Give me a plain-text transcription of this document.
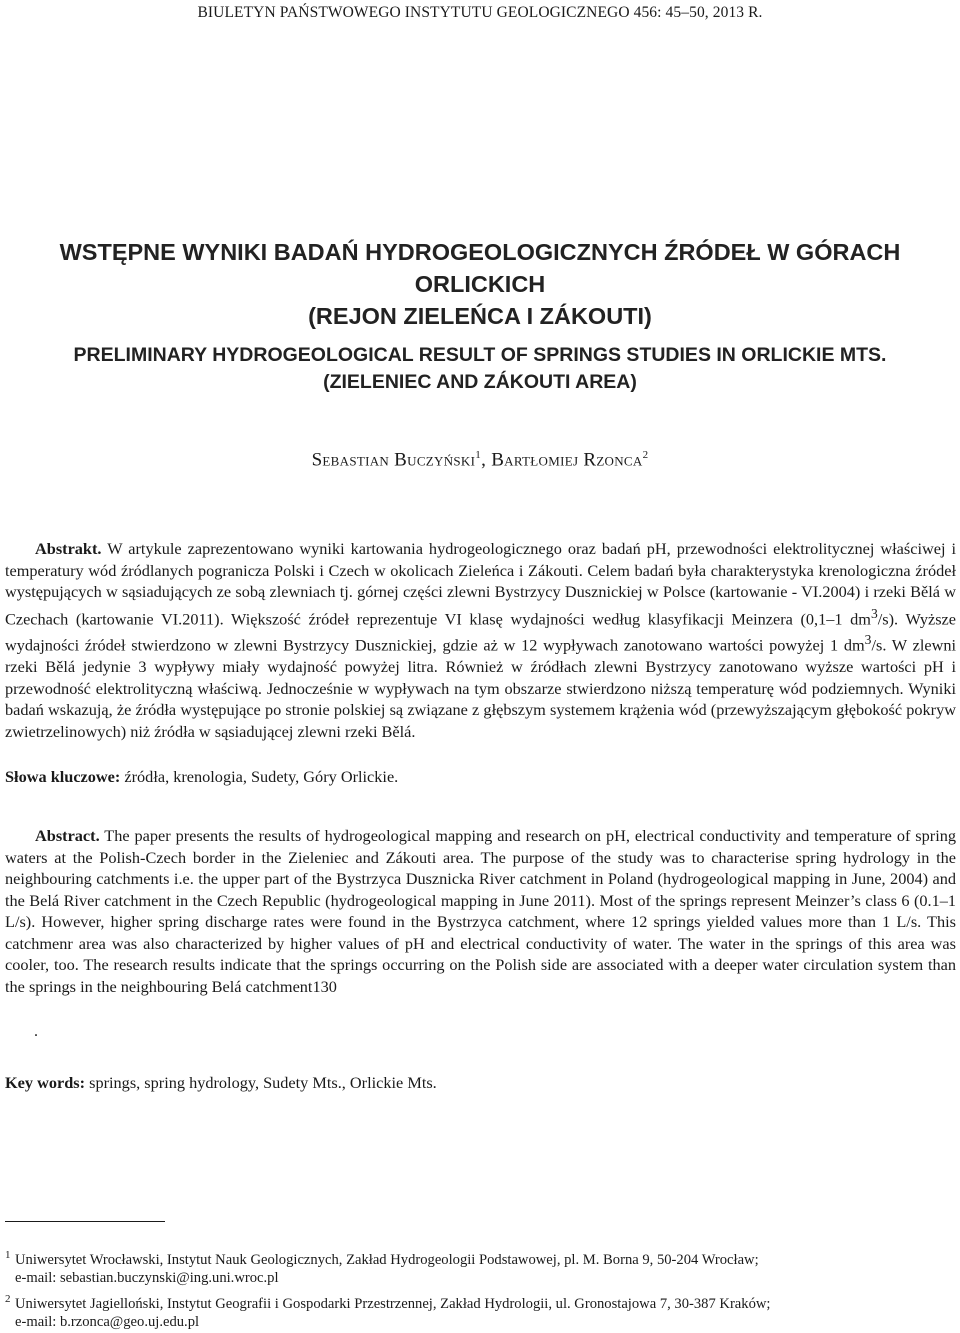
BIULETYN PAŃSTWOWEGO INSTYTUTU GEOLOGICZNEGO 456: 45–50, 2013 R.
WSTĘPNE WYNIKI BADAŃ HYDROGEOLOGICZNYCH ŹRÓDEŁ W GÓRACH ORLICKICH
(REJON ZIELEŃCA I ZÁKOUTI)
PRELIMINARY HYDROGEOLOGICAL RESULT OF SPRINGS STUDIES IN ORLICKIE MTS.
(ZIELENIEC AND ZÁKOUTI AREA)
Sebastian Buczyński$^1$, Bartłomiej Rzonca$^2$
Abstrakt. W artykule zaprezentowano wyniki kartowania hydrogeologicznego oraz badań pH, przewodności elektrolitycznej właściwej i temperatury wód źródlanych pogranicza Polski i Czech w okolicach Zieleńca i Zákouti. Celem badań była charakterystyka krenologiczna źródeł występujących w sąsiadujących ze sobą zlewniach tj. górnej części zlewni Bystrzycy Dusznickiej w Polsce (kartowanie - VI.2004) i rzeki Bělá w Czechach (kartowanie VI.2011). Większość źródeł reprezentuje VI klasę wydajności według klasyfikacji Meinzera (0,1–1 $dm^3/s$). Wyższe wydajności źródeł stwierdzono w zlewni Bystrzycy Dusznickiej, gdzie aż w 12 wypływach zanotowano wartości powyżej 1 $dm^3/s$. W zlewni rzeki Bělá jedynie 3 wypływy miały wydajność powyżej litra. Również w źródłach zlewni Bystrzycy zanotowano wyższe wartości pH i przewodność elektrolityczną właściwą. Jednocześnie w wypływach na tym obszarze stwierdzono niższą temperaturę wód podziemnych. Wyniki badań wskazują, że źródła występujące po stronie polskiej są związane z głębszym systemem krążenia wód (przewyższającym głębokość pokryw zwietrzelinowych) niż źródła w sąsiadującej zlewni rzeki Bělá.
Słowa kluczowe: źródła, krenologia, Sudety, Góry Orlickie.
Abstract. The paper presents the results of hydrogeological mapping and research on pH, electrical conductivity and temperature of spring waters at the Polish-Czech border in the Zieleniec and Zákouti area. The purpose of the study was to characterise spring hydrology in the neighbouring catchments i.e. the upper part of the Bystrzyca Dusznicka River catchment in Poland (hydrogeological mapping in June, 2004) and the Belá River catchment in the Czech Republic (hydrogeological mapping in June 2011). Most of the springs represent Meinzer’s class 6 (0.1–1 L/s). However, higher spring discharge rates were found in the Bystrzyca catchment, where 12 springs yielded values more than 1 L/s. This catchmenr area was also characterized by higher values of pH and electrical conductivity of water. The water in the springs of this area was cooler, too. The research results indicate that the springs occurring on the Polish side are associated with a deeper water circulation system than the springs in the neighbouring Belá catchment130
.
Key words: springs, spring hydrology, Sudety Mts., Orlickie Mts.
1 Uniwersytet Wrocławski, Instytut Nauk Geologicznych, Zakład Hydrogeologii Podstawowej, pl. M. Borna 9, 50-204 Wrocław;
e-mail: sebastian.buczynski@ing.uni.wroc.pl
2 Uniwersytet Jagielloński, Instytut Geografii i Gospodarki Przestrzennej, Zakład Hydrologii, ul. Gronostajowa 7, 30-387 Kraków;
e-mail: b.rzonca@geo.uj.edu.pl
